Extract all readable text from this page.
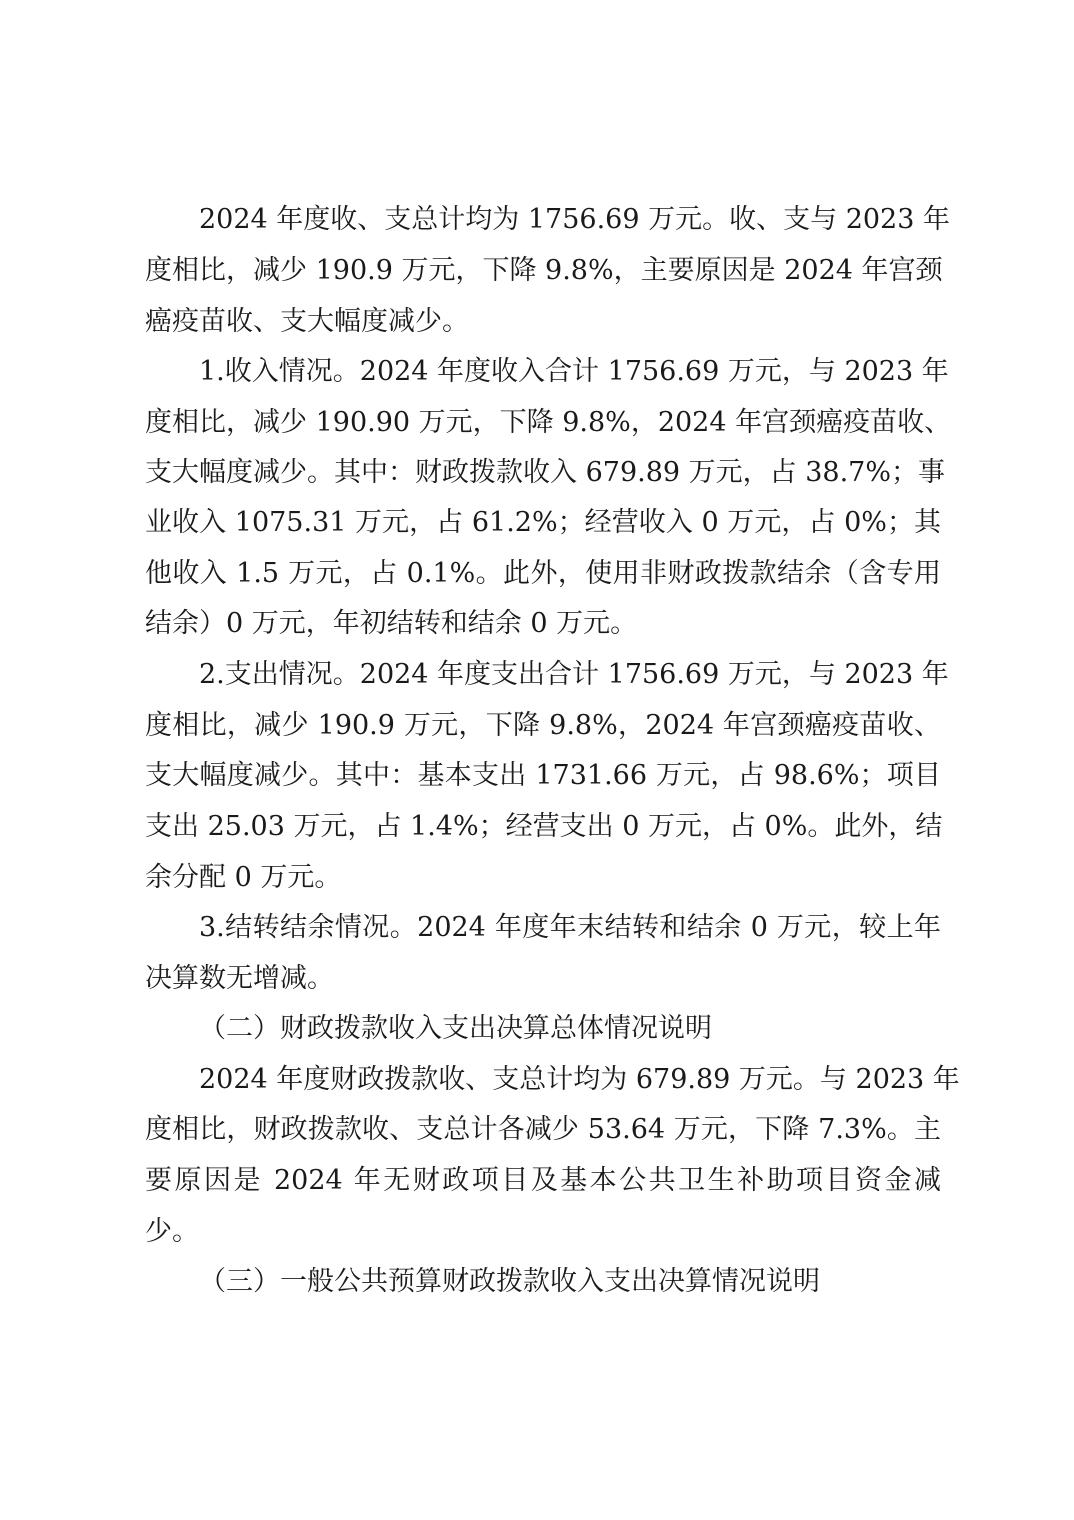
2024 年度收、支总计均为 1756.69 万元。收、支与 2023 年

度相比，减少 190.9 万元，下降 9.8%，主要原因是 2024 年宫颈

癌疫苗收、支大幅度减少。

1.收入情况。2024 年度收入合计 1756.69 万元，与 2023 年

度相比，减少 190.90 万元，下降 9.8%，2024 年宫颈癌疫苗收、

支大幅度减少。其中：财政拨款收入 679.89 万元，占 38.7%；事

业收入 1075.31 万元，占 61.2%；经营收入 0 万元，占 0%；其

他收入 1.5 万元，占 0.1%。此外，使用非财政拨款结余（含专用

结余）0 万元，年初结转和结余 0 万元。

2.支出情况。2024 年度支出合计 1756.69 万元，与 2023 年

度相比，减少 190.9 万元，下降 9.8%，2024 年宫颈癌疫苗收、

支大幅度减少。其中：基本支出 1731.66 万元，占 98.6%；项目

支出 25.03 万元，占 1.4%；经营支出 0 万元，占 0%。此外，结

余分配 0 万元。

3.结转结余情况。2024 年度年末结转和结余 0 万元，较上年

决算数无增减。

（二）财政拨款收入支出决算总体情况说明

2024 年度财政拨款收、支总计均为 679.89 万元。与 2023 年

度相比，财政拨款收、支总计各减少 53.64 万元，下降 7.3%。主

要原因是 2024 年无财政项目及基本公共卫生补助项目资金减

少。

（三）一般公共预算财政拨款收入支出决算情况说明
